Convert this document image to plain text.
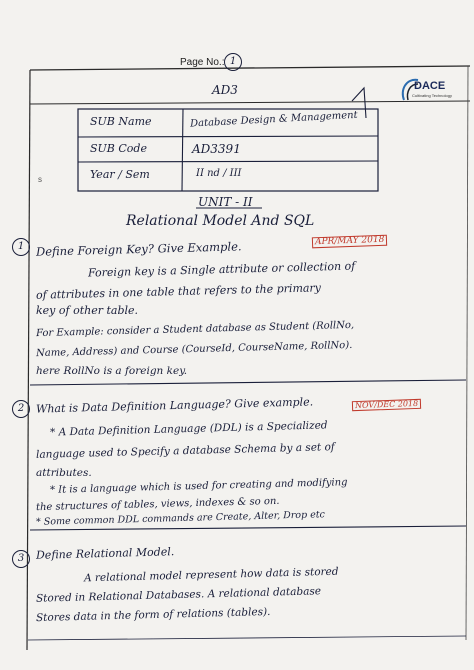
Page No.: 1
AD3	DACE
Cultivating Technology
SUB Name	Database Design & Management
SUB Code	AD3391
Year / Sem	II nd / III
UNIT - II
Relational Model And SQL
1	Define Foreign Key? Give Example.	APR/MAY 2018
Foreign key is a Single attribute or collection of
of attributes in one table that refers to the primary
key of other table.
For Example: consider a Student database as Student (RollNo,
Name, Address) and Course (CourseId, CourseName, RollNo).
here RollNo is a foreign key.
2	What is Data Definition Language? Give example.	NOV/DEC 2018
* A Data Definition Language (DDL) is a Specialized
language used to Specify a database Schema by a set of
attributes.
* It is a language which is used for creating and modifying
the structures of tables, views, indexes & so on.
* Some common DDL commands are Create, Alter, Drop etc
3	Define Relational Model.
A relational model represent how data is stored
Stored in Relational Databases. A relational database
Stores data in the form of relations (tables).
s
